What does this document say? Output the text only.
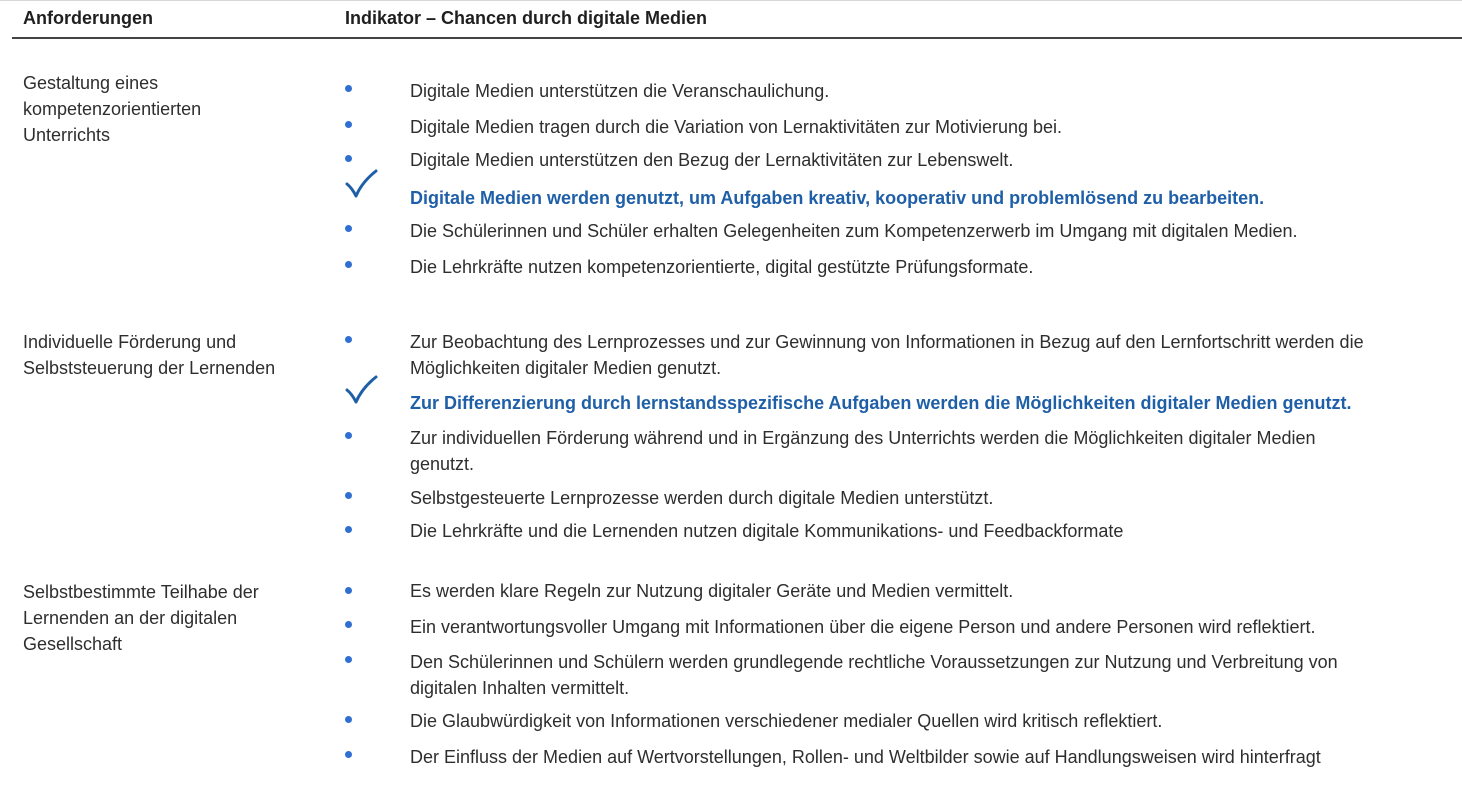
Anforderungen	Indikator – Chancen durch digitale Medien
Gestaltung eines
kompetenzorientierten
Unterrichts
Digitale Medien unterstützen die Veranschaulichung.
Digitale Medien tragen durch die Variation von Lernaktivitäten zur Motivierung bei.
Digitale Medien unterstützen den Bezug der Lernaktivitäten zur Lebenswelt.
Digitale Medien werden genutzt, um Aufgaben kreativ, kooperativ und problemlösend zu bearbeiten.
Die Schülerinnen und Schüler erhalten Gelegenheiten zum Kompetenzerwerb im Umgang mit digitalen Medien.
Die Lehrkräfte nutzen kompetenzorientierte, digital gestützte Prüfungsformate.
Individuelle Förderung und
Selbststeuerung der Lernenden
Zur Beobachtung des Lernprozesses und zur Gewinnung von Informationen in Bezug auf den Lernfortschritt werden die
Möglichkeiten digitaler Medien genutzt.
Zur Differenzierung durch lernstandsspezifische Aufgaben werden die Möglichkeiten digitaler Medien genutzt.
Zur individuellen Förderung während und in Ergänzung des Unterrichts werden die Möglichkeiten digitaler Medien
genutzt.
Selbstgesteuerte Lernprozesse werden durch digitale Medien unterstützt.
Die Lehrkräfte und die Lernenden nutzen digitale Kommunikations- und Feedbackformate
Selbstbestimmte Teilhabe der
Lernenden an der digitalen
Gesellschaft
Es werden klare Regeln zur Nutzung digitaler Geräte und Medien vermittelt.
Ein verantwortungsvoller Umgang mit Informationen über die eigene Person und andere Personen wird reflektiert.
Den Schülerinnen und Schülern werden grundlegende rechtliche Voraussetzungen zur Nutzung und Verbreitung von
digitalen Inhalten vermittelt.
Die Glaubwürdigkeit von Informationen verschiedener medialer Quellen wird kritisch reflektiert.
Der Einfluss der Medien auf Wertvorstellungen, Rollen- und Weltbilder sowie auf Handlungsweisen wird hinterfragt
